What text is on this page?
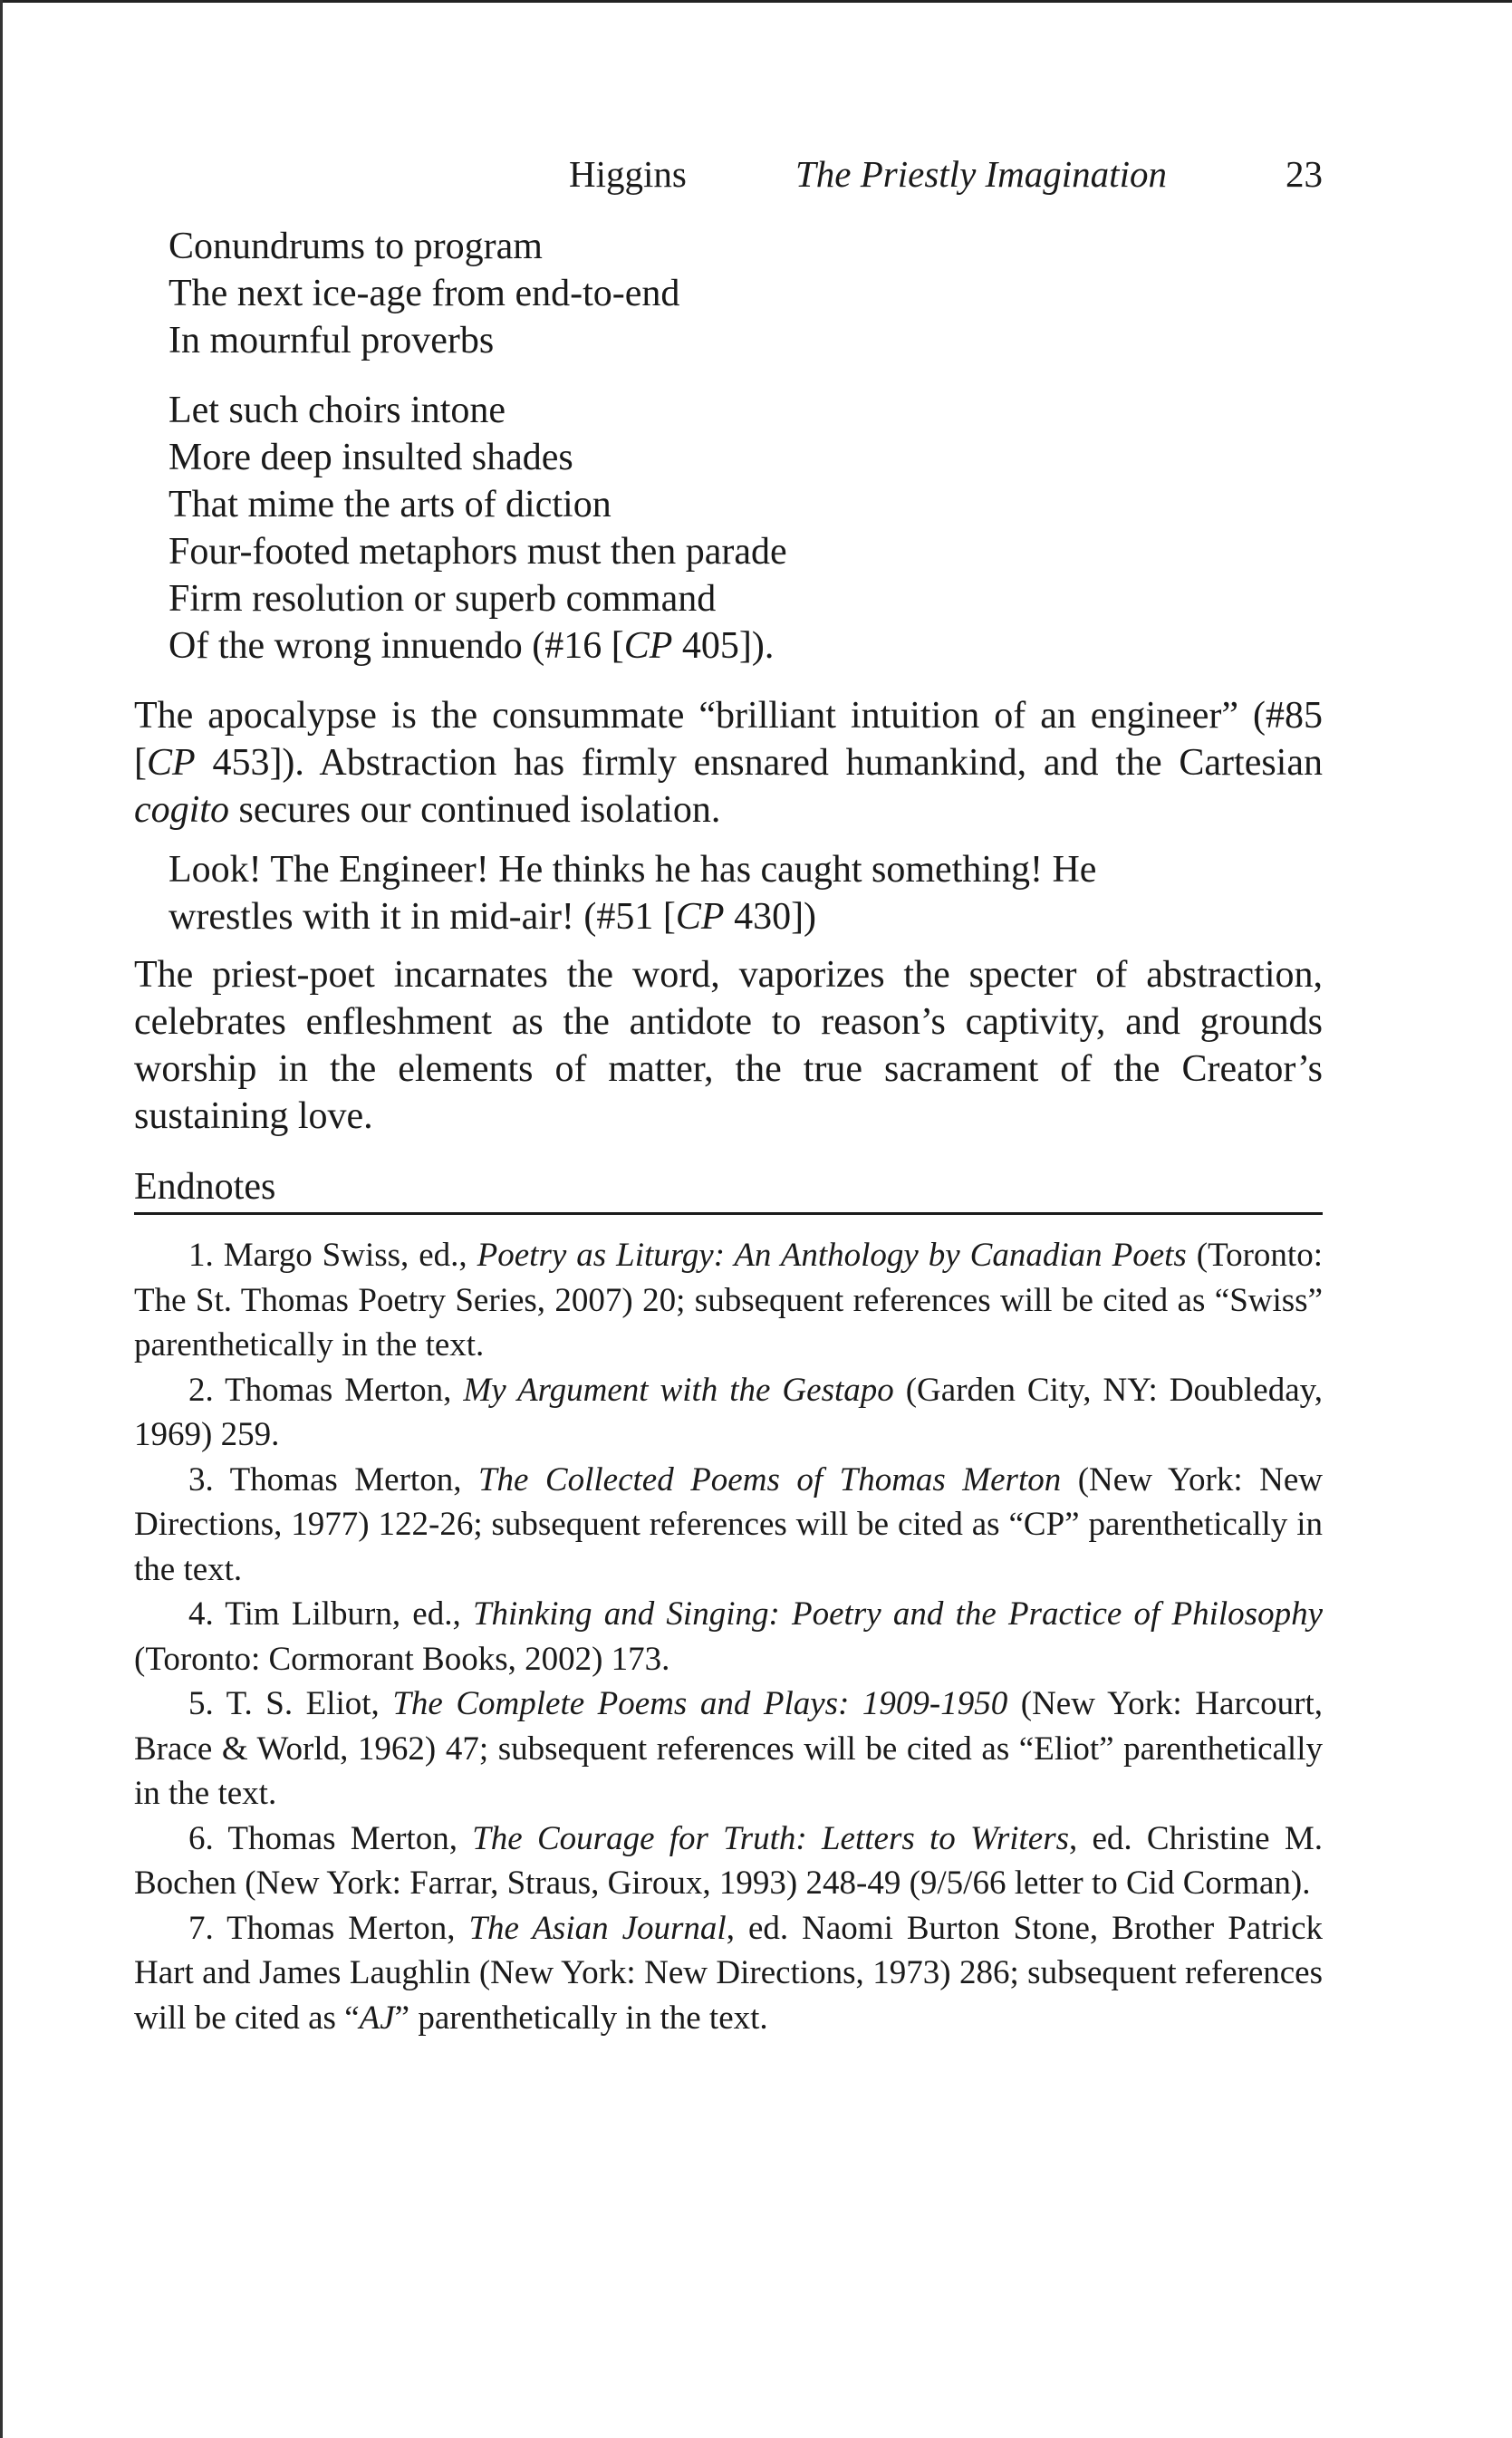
Higgins	The Priestly Imagination	23
Conundrums to program
The next ice-age from end-to-end
In mournful proverbs
Let such choirs intone
More deep insulted shades
That mime the arts of diction
Four-footed metaphors must then parade
Firm resolution or superb command
Of the wrong innuendo (#16 [CP 405]).

The apocalypse is the consummate “brilliant intuition of an engineer” (#85 [CP 453]). Abstraction has firmly ensnared humankind, and the Cartesian cogito secures our continued isolation.

Look! The Engineer! He thinks he has caught something! He wrestles with it in mid-air! (#51 [CP 430])

The priest-poet incarnates the word, vaporizes the specter of abstraction, celebrates enfleshment as the antidote to reason’s captivity, and grounds worship in the elements of matter, the true sacrament of the Creator’s sustaining love.

Endnotes

1. Margo Swiss, ed., Poetry as Liturgy: An Anthology by Canadian Poets (Toronto: The St. Thomas Poetry Series, 2007) 20; subsequent references will be cited as “Swiss” parenthetically in the text.

2. Thomas Merton, My Argument with the Gestapo (Garden City, NY: Doubleday, 1969) 259.

3. Thomas Merton, The Collected Poems of Thomas Merton (New York: New Directions, 1977) 122-26; subsequent references will be cited as “CP” parenthetically in the text.

4. Tim Lilburn, ed., Thinking and Singing: Poetry and the Practice of Philosophy (Toronto: Cormorant Books, 2002) 173.

5. T. S. Eliot, The Complete Poems and Plays: 1909-1950 (New York: Harcourt, Brace & World, 1962) 47; subsequent references will be cited as “Eliot” parenthetically in the text.

6. Thomas Merton, The Courage for Truth: Letters to Writers, ed. Christine M. Bochen (New York: Farrar, Straus, Giroux, 1993) 248-49 (9/5/66 letter to Cid Corman).

7. Thomas Merton, The Asian Journal, ed. Naomi Burton Stone, Brother Patrick Hart and James Laughlin (New York: New Directions, 1973) 286; subsequent references will be cited as “AJ” parenthetically in the text.
